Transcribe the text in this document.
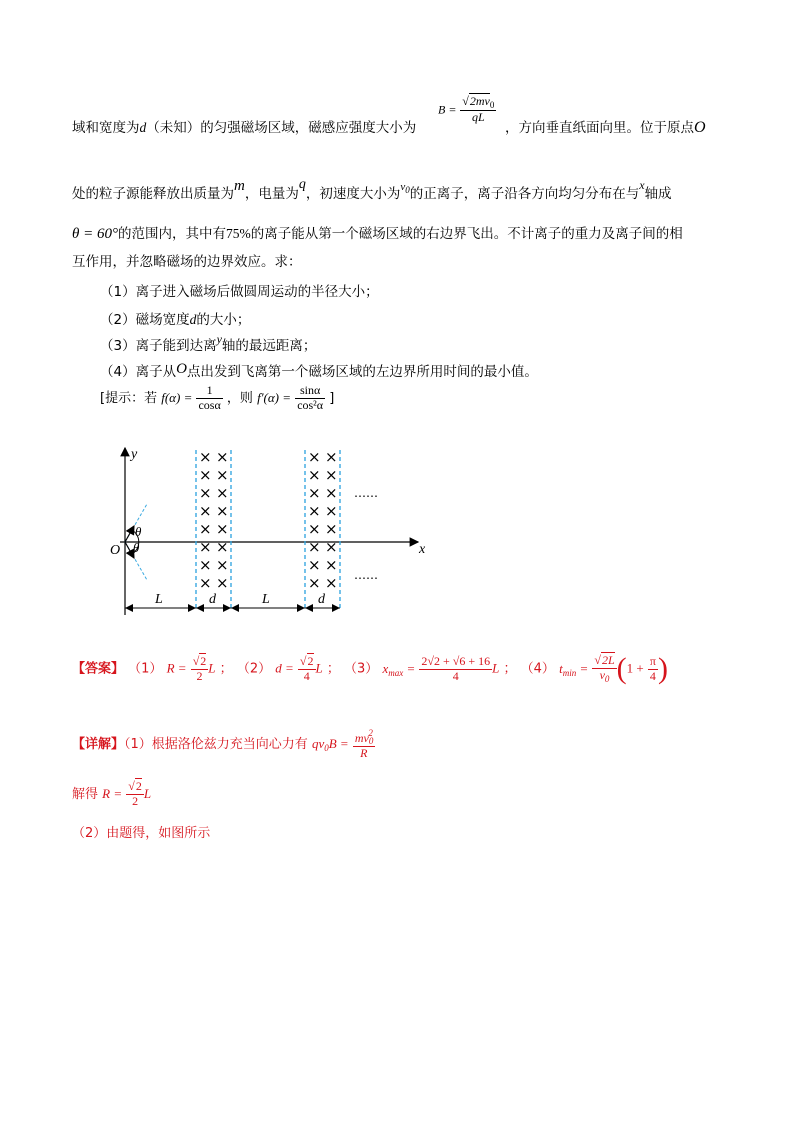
域和宽度为d（未知）的匀强磁场区域，磁感应强度大小为
$B = \frac{√2mv_0}{qL}$
，方向垂直纸面向里。位于原点O
处的粒子源能释放出质量为m，电量为q，初速度大小为$^{v_0}$的正离子，离子沿各方向均匀分布在与x轴成
θ = 60°的范围内，其中有75%的离子能从第一个磁场区域的右边界飞出。不计离子的重力及离子间的相
互作用，并忽略磁场的边界效应。求：
（1）离子进入磁场后做圆周运动的半径大小；
（2）磁场宽度d的大小；
（3）离子能到达离y轴的最远距离；
（4）离子从O点出发到飞离第一个磁场区域的左边界所用时间的最小值。
[提示：若 $f(\alpha) = \frac{1}{\cos\alpha}$ ，则 $f'(\alpha) = \frac{\sin\alpha}{\text{cos²α}}$ ]
x
y
O
θ
θ
× ×	× ×
× ×	× ×
× ×	× ×
× ×	× ×
× ×	× ×
× ×	× ×
× ×	× ×
× ×	× ×
……
……
L	d	L	d
【答案】 （1） $R = \frac{√2}{2}$ L ； （2） $d = \frac{√2}{4}$ L ； （3） $x_{max} = \frac{2√2 + √6 + 16}{4}$ L ； （4） $t_{min} = \frac{√2L}{v_0} (1 + \frac{\pi}{4}$ )
【详解】（1）根据洛伦兹力充当向心力有 $qv_0B = \frac{mv_0^2}{R}$
解得 $R = \frac{√2}{2}$ L
（2）由题得，如图所示
